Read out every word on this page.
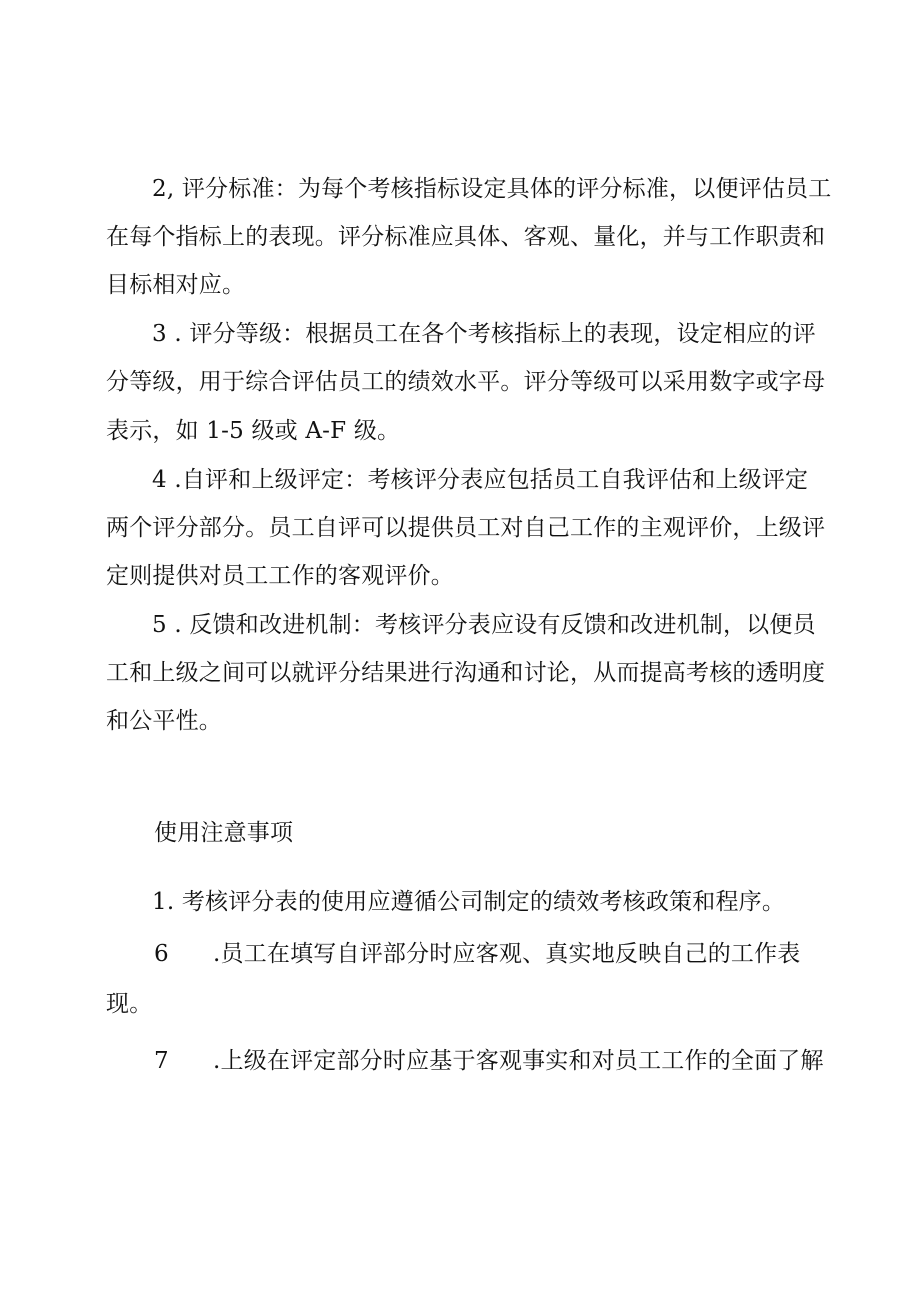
2, 评分标准：为每个考核指标设定具体的评分标准，以便评估员工
在每个指标上的表现。评分标准应具体、客观、量化，并与工作职责和
目标相对应。
3 . 评分等级：根据员工在各个考核指标上的表现，设定相应的评
分等级，用于综合评估员工的绩效水平。评分等级可以采用数字或字母
表示，如 1-5 级或 A-F 级。
4 .自评和上级评定：考核评分表应包括员工自我评估和上级评定
两个评分部分。员工自评可以提供员工对自己工作的主观评价，上级评
定则提供对员工工作的客观评价。
5 . 反馈和改进机制：考核评分表应设有反馈和改进机制，以便员
工和上级之间可以就评分结果进行沟通和讨论，从而提高考核的透明度
和公平性。
使用注意事项
1. 考核评分表的使用应遵循公司制定的绩效考核政策和程序。
6 .员工在填写自评部分时应客观、真实地反映自己的工作表
现。
7 .上级在评定部分时应基于客观事实和对员工工作的全面了解
